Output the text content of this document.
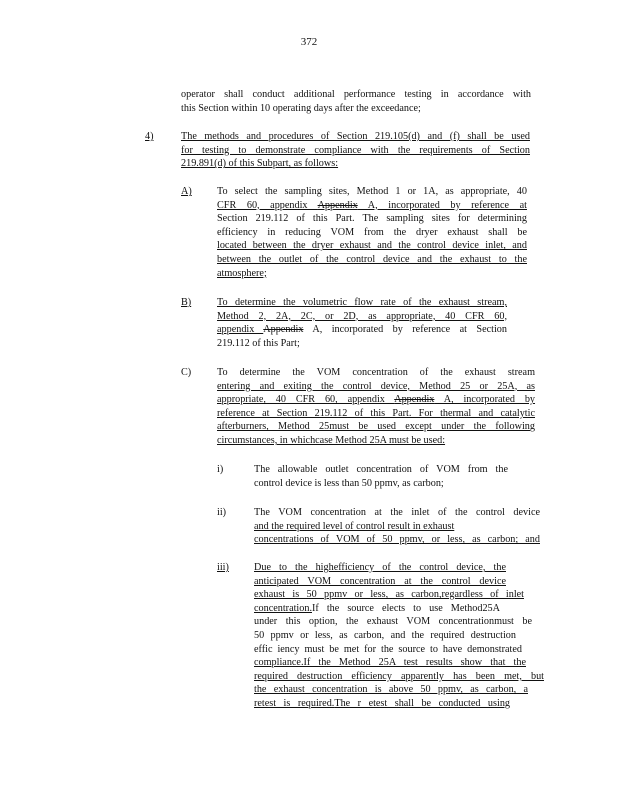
372
operator shall conduct additional performance testing in accordance with
this Section within 10 operating days after the exceedance;
4)	The methods and procedures of Section 219.105(d) and (f) shall be used
for testing to demonstrate compliance with the requirements of Section
219.891(d) of this Subpart, as follows:
A) To select the sampling sites, Method 1 or 1A, as appropriate, 40
CFR 60, appendix Appendix A, incorporated by reference at
Section 219.112 of this Part. The sampling sites for determining
efficiency in reducing VOM from the dryer exhaust shall be
located between the dryer exhaust and the control device inlet, and
between the outlet of the control device and the exhaust to the
atmosphere;
B)	To determine the volumetric flow rate of the exhaust stream,
Method 2, 2A, 2C, or 2D, as appropriate, 40 CFR 60,
appendix Appendix A, incorporated by reference at Section
219.112 of this Part;
C)	To determine the VOM concentration of the exhaust stream
entering and exiting the control device, Method 25 or 25A, as
appropriate, 40 CFR 60, appendix Appendix A, incorporated by
reference at Section 219.112 of this Part. For thermal and catalytic
afterburners, Method 25must be used except under the following
circumstances, in whichcase Method 25A must be used:
i)	The allowable outlet concentration of VOM from the
control device is less than 50 ppmv, as carbon;
ii)	The VOM concentration at the inlet of the control device
and the required level of control result in exhaust
concentrations of VOM of 50 ppmv, or less, as carbon; and
iii) Due to the highefficiency of the control device, the
anticipated VOM concentration at the control device
exhaust is 50 ppmv or less, as carbon,regardless of inlet
concentration.If the source elects to use Method25A
under this option, the exhaust VOM concentrationmust be
50 ppmv or less, as carbon, and the required destruction
effic iency must be met for the source to have demonstrated
compliance.If the Method 25A test results show that the
required destruction efficiency apparently has been met, but
the exhaust concentration is above 50 ppmv, as carbon, a
retest is required.The r etest shall be conducted using
